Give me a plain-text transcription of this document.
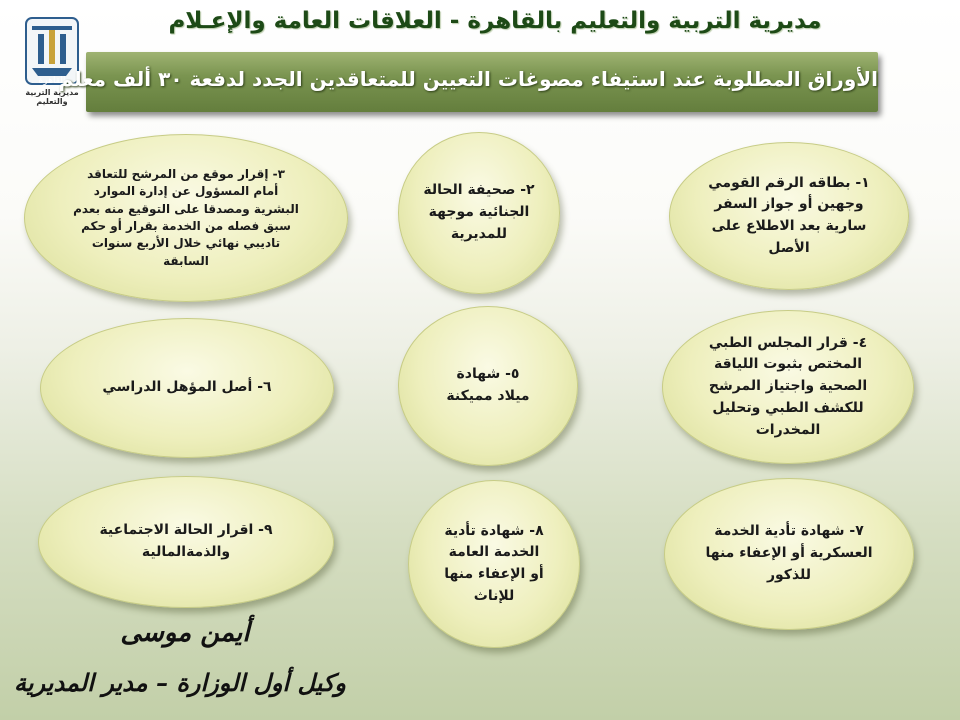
مديرية التربية والتعليم بالقاهرة - العلاقات العامة والإعـلام
القاهرة
مديرية التربية والتعليم
الأوراق المطلوبة عند استيفاء مصوغات التعيين للمتعاقدين الجدد لدفعة ٣٠ ألف معلم
١- بطاقه الرقم القومي وجهين أو جواز السفر سارية بعد الاطلاع على الأصل
٢- صحيفة الحالة الجنائية موجهة للمديرية
٣- إقرار موقع من المرشح للتعاقد أمام المسؤول عن إدارة الموارد البشرية ومصدقا على التوقيع منه بعدم سبق فصله من الخدمة بقرار أو حكم تاديبي نهائي خلال الأربع سنوات السابقة
٤- قرار المجلس الطبي المختص بثبوت اللياقة الصحية واجتياز المرشح للكشف الطبي وتحليل المخدرات
٥- شهادة ميلاد مميكنة
٦- أصل المؤهل الدراسي
٧- شهادة تأدية الخدمة العسكرية أو الإعفاء منها للذكور
٨- شهادة تأدية الخدمة العامة أو الإعفاء منها للإناث
٩- اقرار الحالة الاجتماعية والذمةالمالية
أيمن موسى
وكيل أول الوزارة – مدير المديرية
